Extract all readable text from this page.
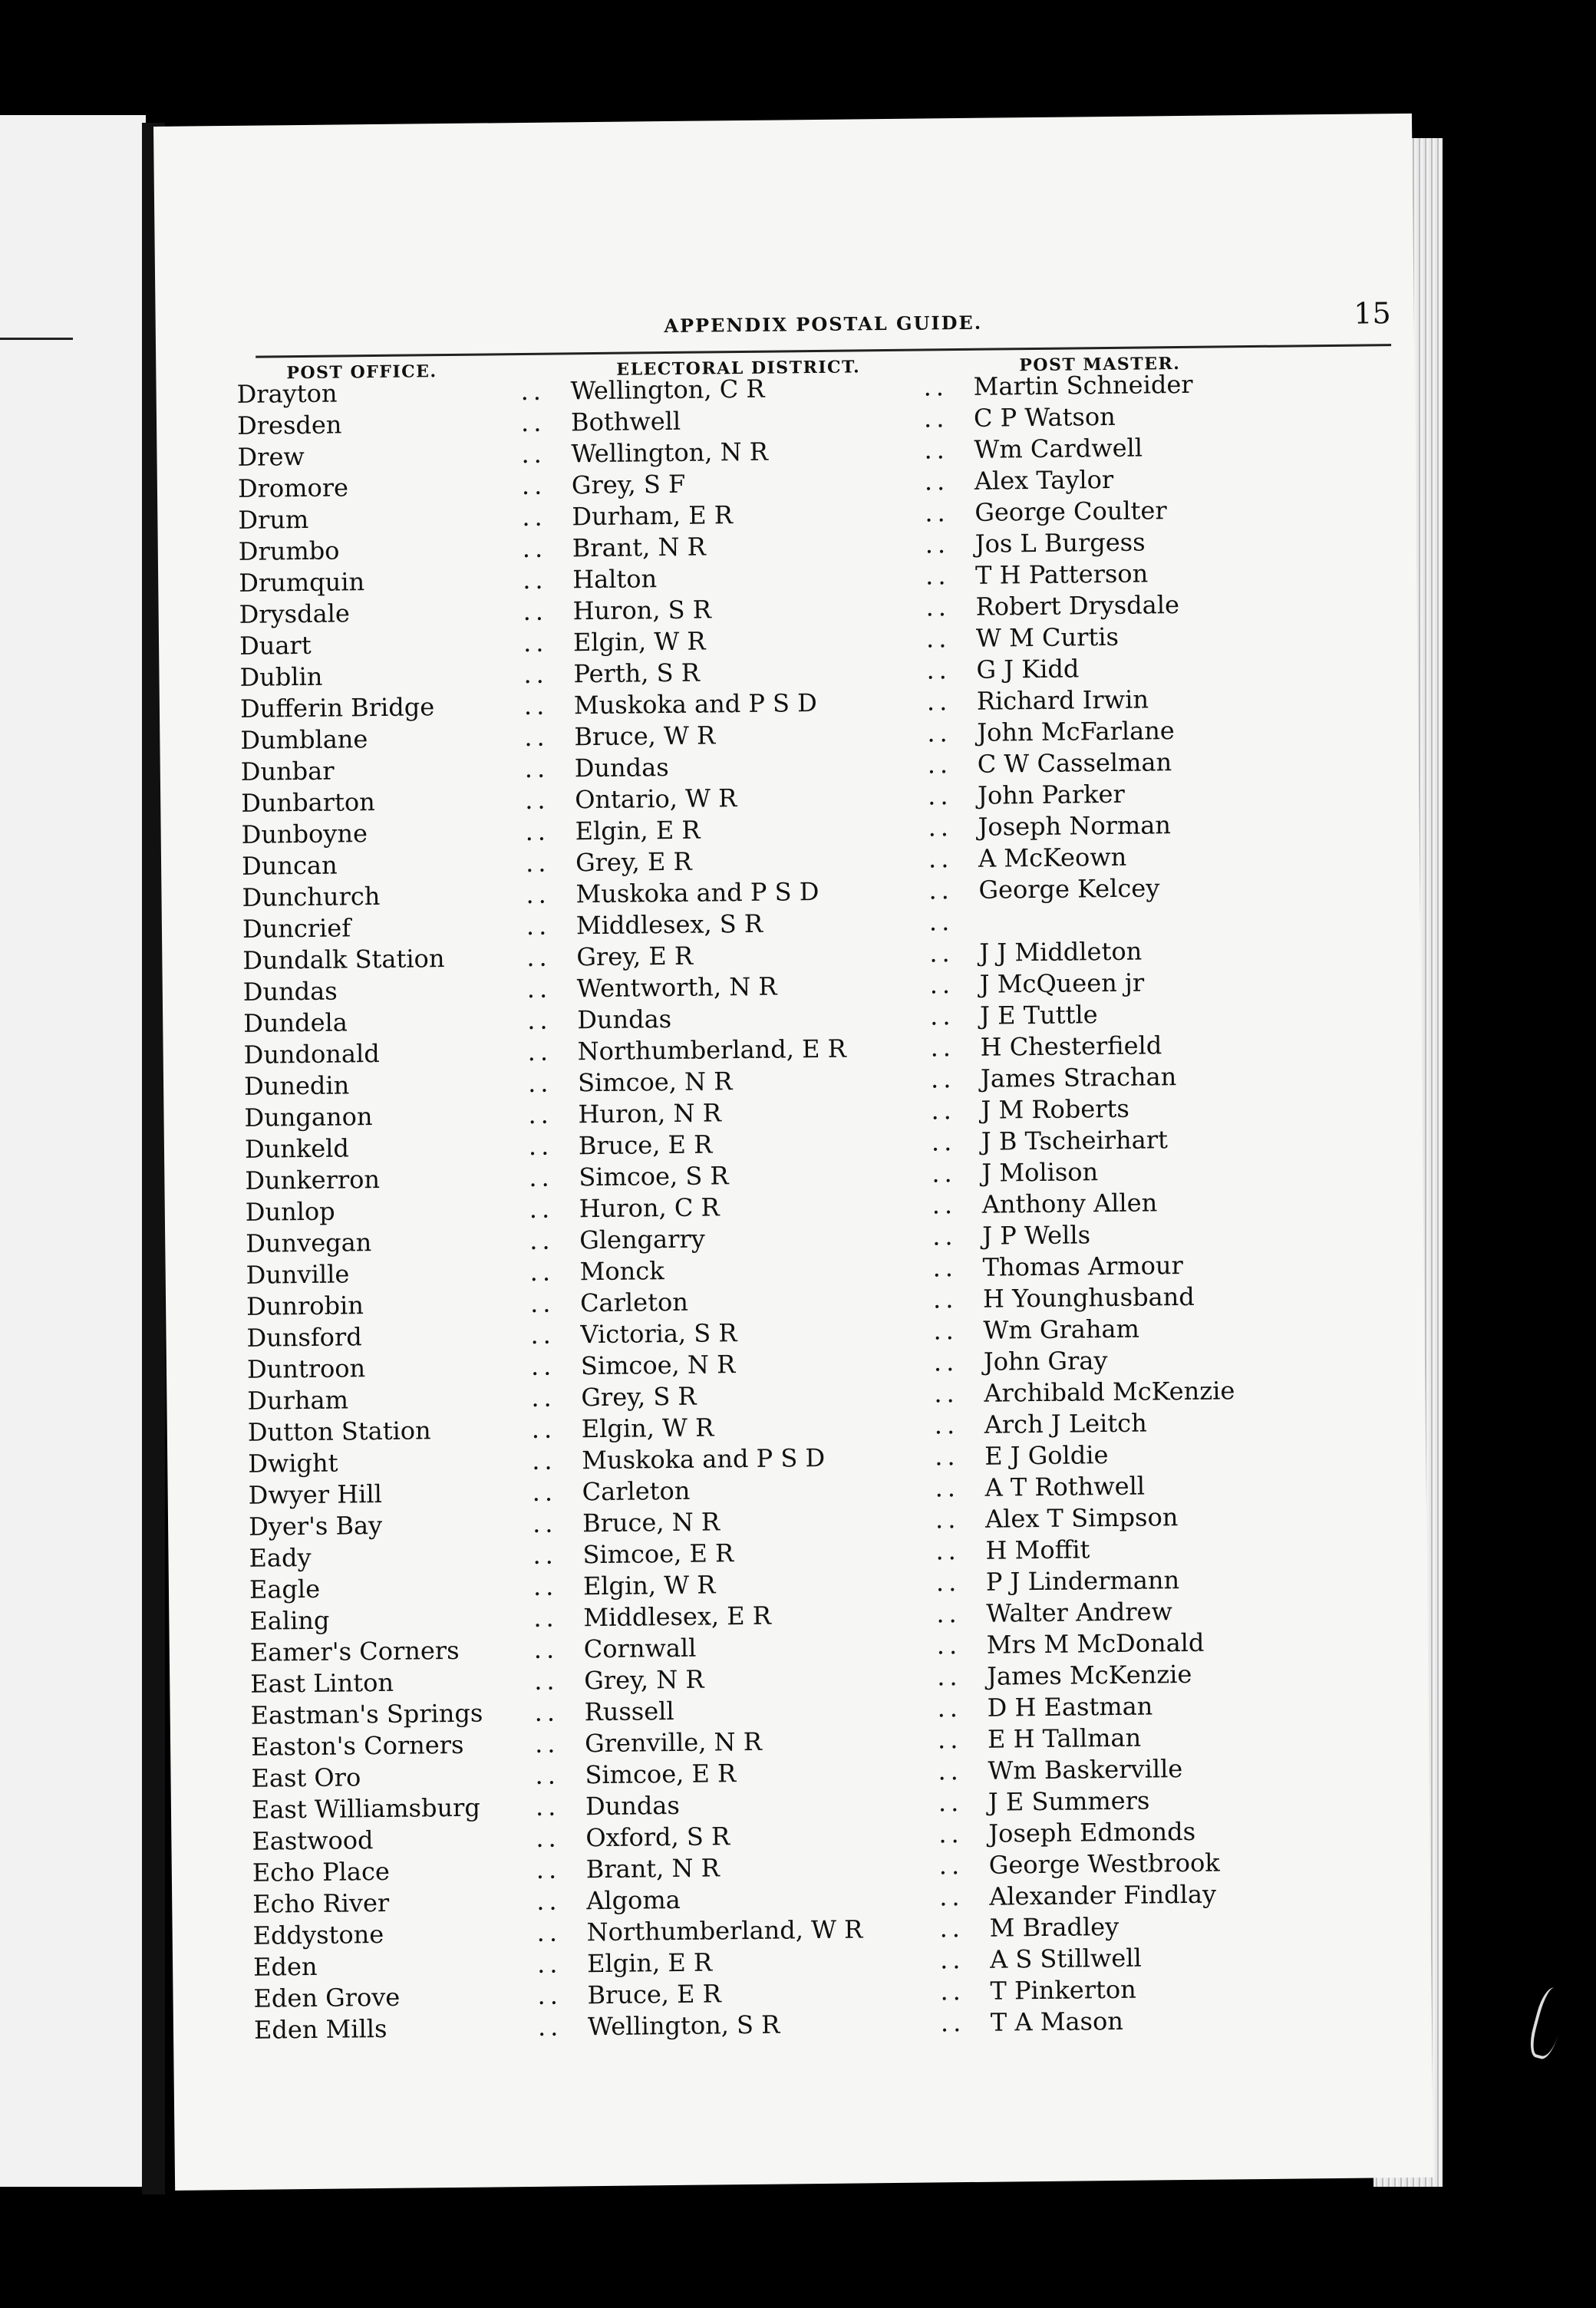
APPENDIX POSTAL GUIDE.	15
POST OFFICE.	ELECTORAL DISTRICT.	POST MASTER.
Drayton	.. Wellington, C R	.. Martin Schneider
Dresden	.. Bothwell	.. C P Watson
Drew	.. Wellington, N R	.. Wm Cardwell
Dromore	.. Grey, S F	.. Alex Taylor
Drum	.. Durham, E R	.. George Coulter
Drumbo	.. Brant, N R	.. Jos L Burgess
Drumquin	.. Halton	.. T H Patterson
Drysdale	.. Huron, S R	.. Robert Drysdale
Duart	.. Elgin, W R	.. W M Curtis
Dublin	.. Perth, S R	.. G J Kidd
Dufferin Bridge	.. Muskoka and P S D	.. Richard Irwin
Dumblane	.. Bruce, W R	.. John McFarlane
Dunbar	.. Dundas	.. C W Casselman
Dunbarton	.. Ontario, W R	.. John Parker
Dunboyne	.. Elgin, E R	.. Joseph Norman
Duncan	.. Grey, E R	.. A McKeown
Dunchurch	.. Muskoka and P S D	.. George Kelcey
Duncrief	.. Middlesex, S R	..
Dundalk Station	.. Grey, E R	.. J J Middleton
Dundas	.. Wentworth, N R	.. J McQueen jr
Dundela	.. Dundas	.. J E Tuttle
Dundonald	.. Northumberland, E R	.. H Chesterfield
Dunedin	.. Simcoe, N R	.. James Strachan
Dunganon	.. Huron, N R	.. J M Roberts
Dunkeld	.. Bruce, E R	.. J B Tscheirhart
Dunkerron	.. Simcoe, S R	.. J Molison
Dunlop	.. Huron, C R	.. Anthony Allen
Dunvegan	.. Glengarry	.. J P Wells
Dunville	.. Monck	.. Thomas Armour
Dunrobin	.. Carleton	.. H Younghusband
Dunsford	.. Victoria, S R	.. Wm Graham
Duntroon	.. Simcoe, N R	.. John Gray
Durham	.. Grey, S R	.. Archibald McKenzie
Dutton Station	.. Elgin, W R	.. Arch J Leitch
Dwight	.. Muskoka and P S D	.. E J Goldie
Dwyer Hill	.. Carleton	.. A T Rothwell
Dyer's Bay	.. Bruce, N R	.. Alex T Simpson
Eady	.. Simcoe, E R	.. H Moffit
Eagle	.. Elgin, W R	.. P J Lindermann
Ealing	.. Middlesex, E R	.. Walter Andrew
Eamer's Corners	.. Cornwall	.. Mrs M McDonald
East Linton	.. Grey, N R	.. James McKenzie
Eastman's Springs .. Russell	.. D H Eastman
Easton's Corners	.. Grenville, N R	.. E H Tallman
East Oro	.. Simcoe, E R	.. Wm Baskerville
East Williamsburg .. Dundas	.. J E Summers
Eastwood	.. Oxford, S R	.. Joseph Edmonds
Echo Place	.. Brant, N R	.. George Westbrook
Echo River	.. Algoma	.. Alexander Findlay
Eddystone	.. Northumberland, W R	.. M Bradley
Eden	.. Elgin, E R	.. A S Stillwell
Eden Grove	.. Bruce, E R	.. T Pinkerton
Eden Mills	.. Wellington, S R	.. T A Mason
